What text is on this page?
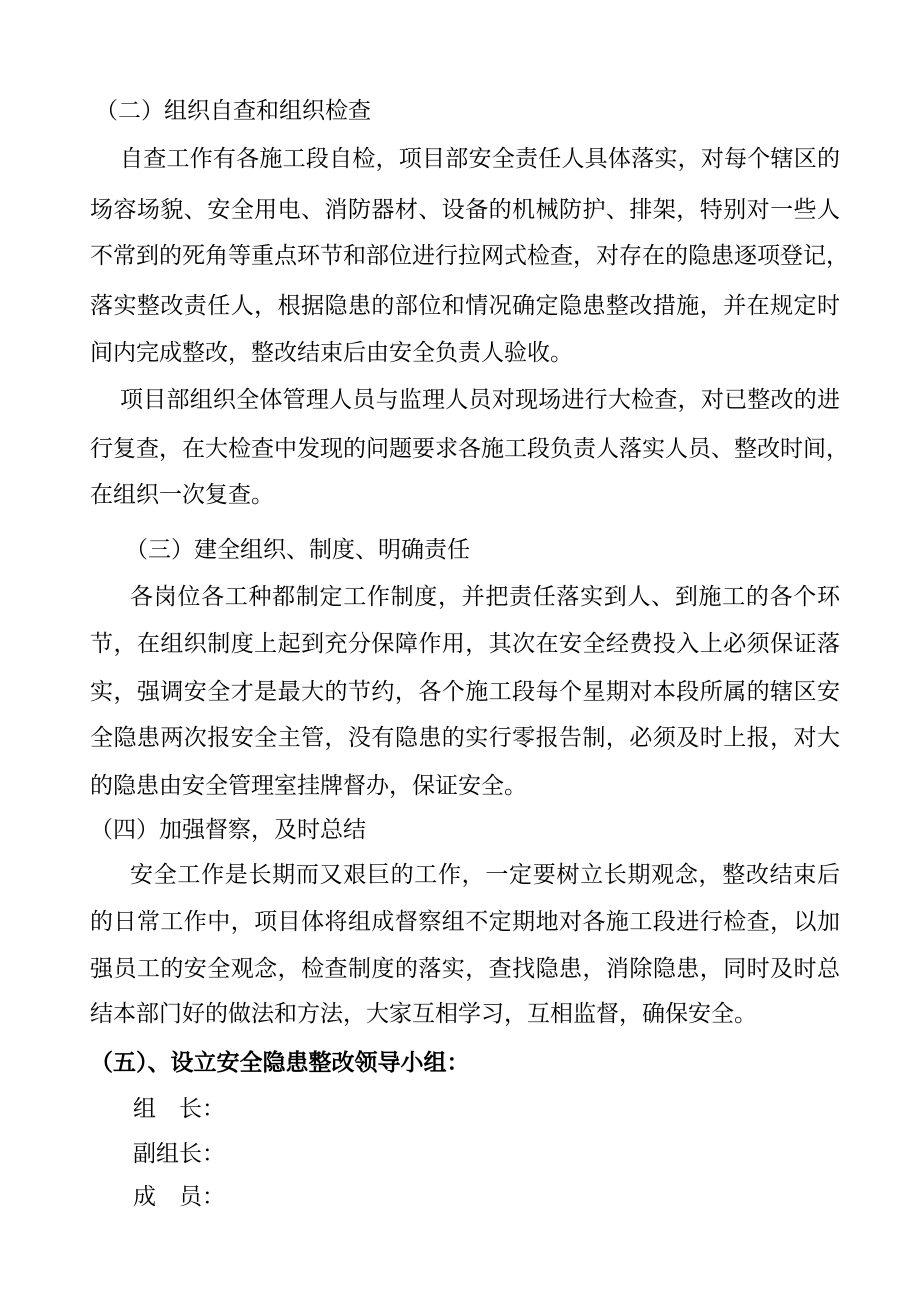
（二）组织自查和组织检查
自查工作有各施工段自检，项目部安全责任人具体落实，对每个辖区的
场容场貌、安全用电、消防器材、设备的机械防护、排架，特别对一些人
不常到的死角等重点环节和部位进行拉网式检查，对存在的隐患逐项登记，
落实整改责任人，根据隐患的部位和情况确定隐患整改措施，并在规定时
间内完成整改，整改结束后由安全负责人验收。
项目部组织全体管理人员与监理人员对现场进行大检查，对已整改的进
行复查，在大检查中发现的问题要求各施工段负责人落实人员、整改时间，
在组织一次复查。
（三）建全组织、制度、明确责任
各岗位各工种都制定工作制度，并把责任落实到人、到施工的各个环
节，在组织制度上起到充分保障作用，其次在安全经费投入上必须保证落
实，强调安全才是最大的节约，各个施工段每个星期对本段所属的辖区安
全隐患两次报安全主管，没有隐患的实行零报告制，必须及时上报，对大
的隐患由安全管理室挂牌督办，保证安全。
（四）加强督察，及时总结
安全工作是长期而又艰巨的工作，一定要树立长期观念，整改结束后
的日常工作中，项目体将组成督察组不定期地对各施工段进行检查，以加
强员工的安全观念，检查制度的落实，查找隐患，消除隐患，同时及时总
结本部门好的做法和方法，大家互相学习，互相监督，确保安全。
（五）、设立安全隐患整改领导小组：
组　长：
副组长：
成　员：
